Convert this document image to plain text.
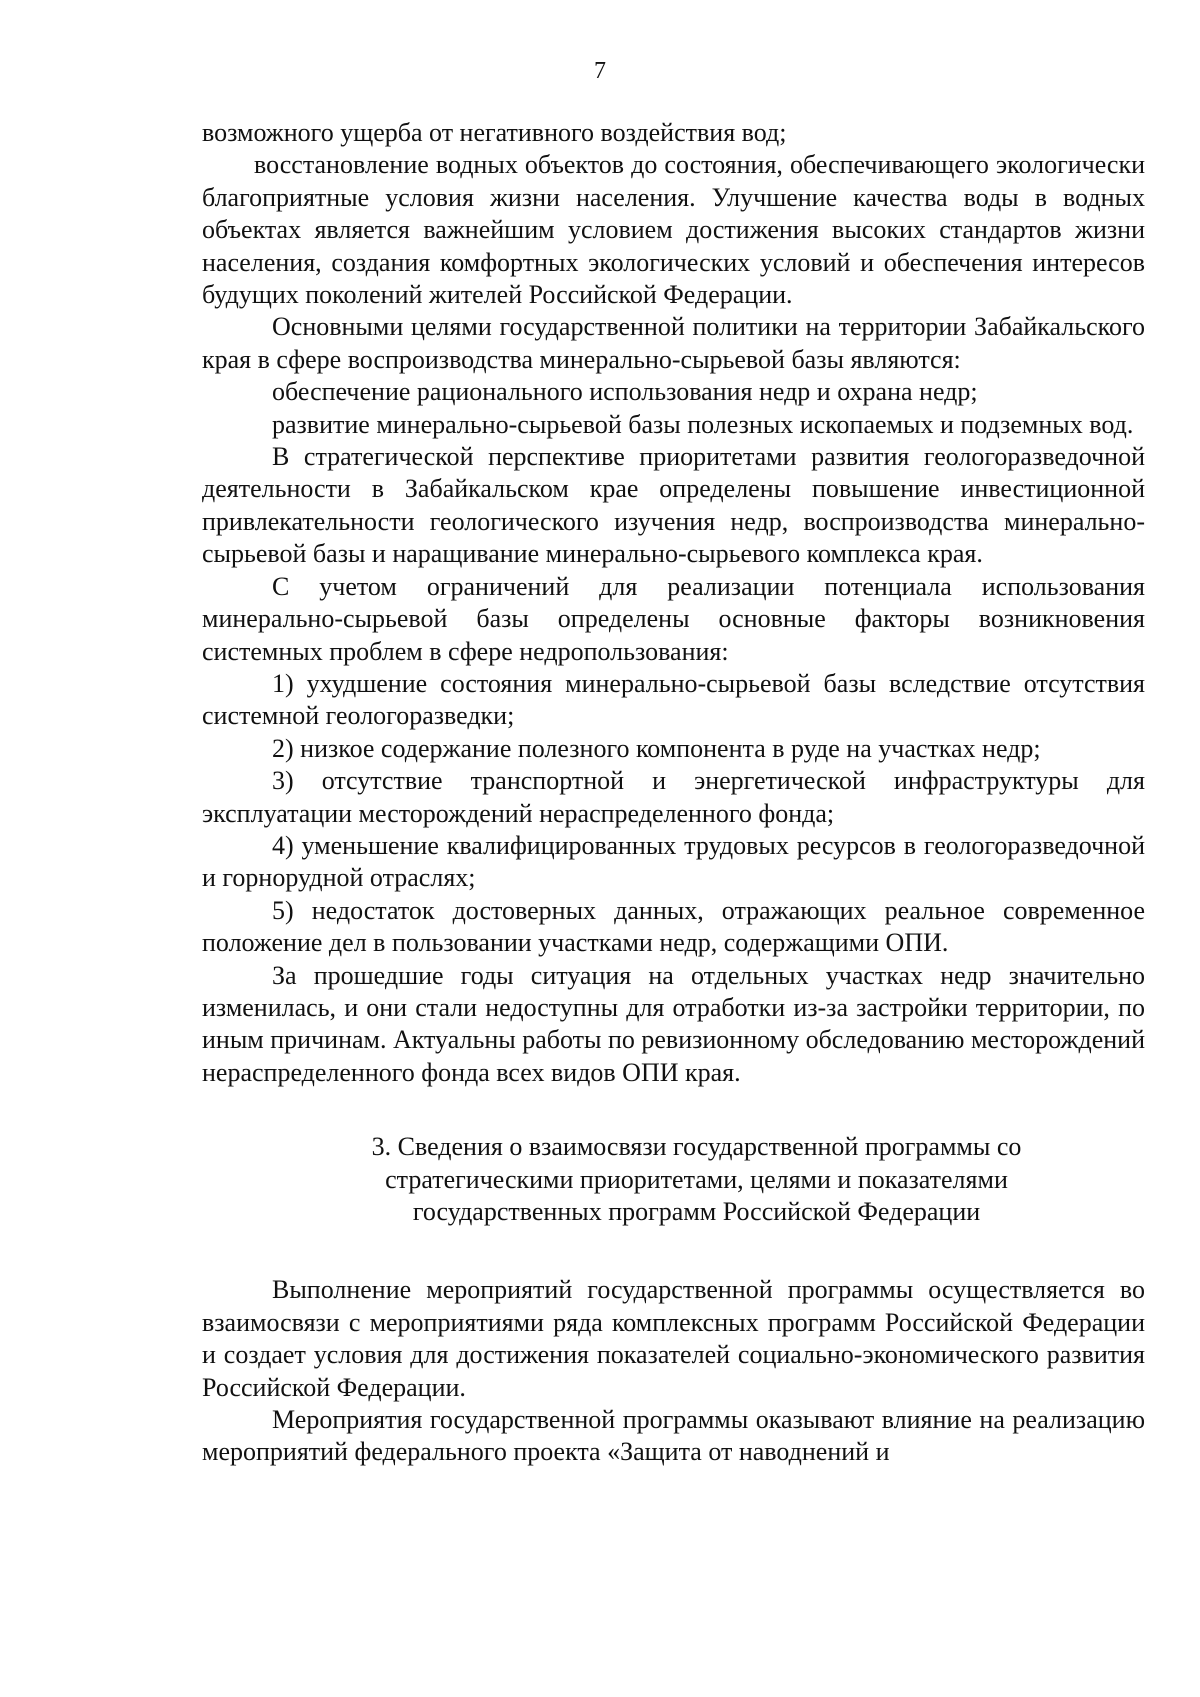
7

возможного ущерба от негативного воздействия вод;

восстановление водных объектов до состояния, обеспечивающего экологически благоприятные условия жизни населения. Улучшение качества воды в водных объектах является важнейшим условием достижения высоких стандартов жизни населения, создания комфортных экологических условий и обеспечения интересов будущих поколений жителей Российской Федерации.

Основными целями государственной политики на территории Забайкальского края в сфере воспроизводства минерально-сырьевой базы являются:

обеспечение рационального использования недр и охрана недр;

развитие минерально-сырьевой базы полезных ископаемых и подземных вод.

В стратегической перспективе приоритетами развития геологоразведочной деятельности в Забайкальском крае определены повышение инвестиционной привлекательности геологического изучения недр, воспроизводства минерально-сырьевой базы и наращивание минерально-сырьевого комплекса края.

С учетом ограничений для реализации потенциала использования минерально-сырьевой базы определены основные факторы возникновения системных проблем в сфере недропользования:

1) ухудшение состояния минерально-сырьевой базы вследствие отсутствия системной геологоразведки;

2) низкое содержание полезного компонента в руде на участках недр;

3) отсутствие транспортной и энергетической инфраструктуры для эксплуатации месторождений нераспределенного фонда;

4) уменьшение квалифицированных трудовых ресурсов в геологоразведочной и горнорудной отраслях;

5) недостаток достоверных данных, отражающих реальное современное положение дел в пользовании участками недр, содержащими ОПИ.

За прошедшие годы ситуация на отдельных участках недр значительно изменилась, и они стали недоступны для отработки из-за застройки территории, по иным причинам. Актуальны работы по ревизионному обследованию месторождений нераспределенного фонда всех видов ОПИ края.

3. Сведения о взаимосвязи государственной программы со
стратегическими приоритетами, целями и показателями
государственных программ Российской Федерации

Выполнение мероприятий государственной программы осуществляется во взаимосвязи с мероприятиями ряда комплексных программ Российской Федерации и создает условия для достижения показателей социально-экономического развития Российской Федерации.

Мероприятия государственной программы оказывают влияние на реализацию мероприятий федерального проекта «Защита от наводнений и
